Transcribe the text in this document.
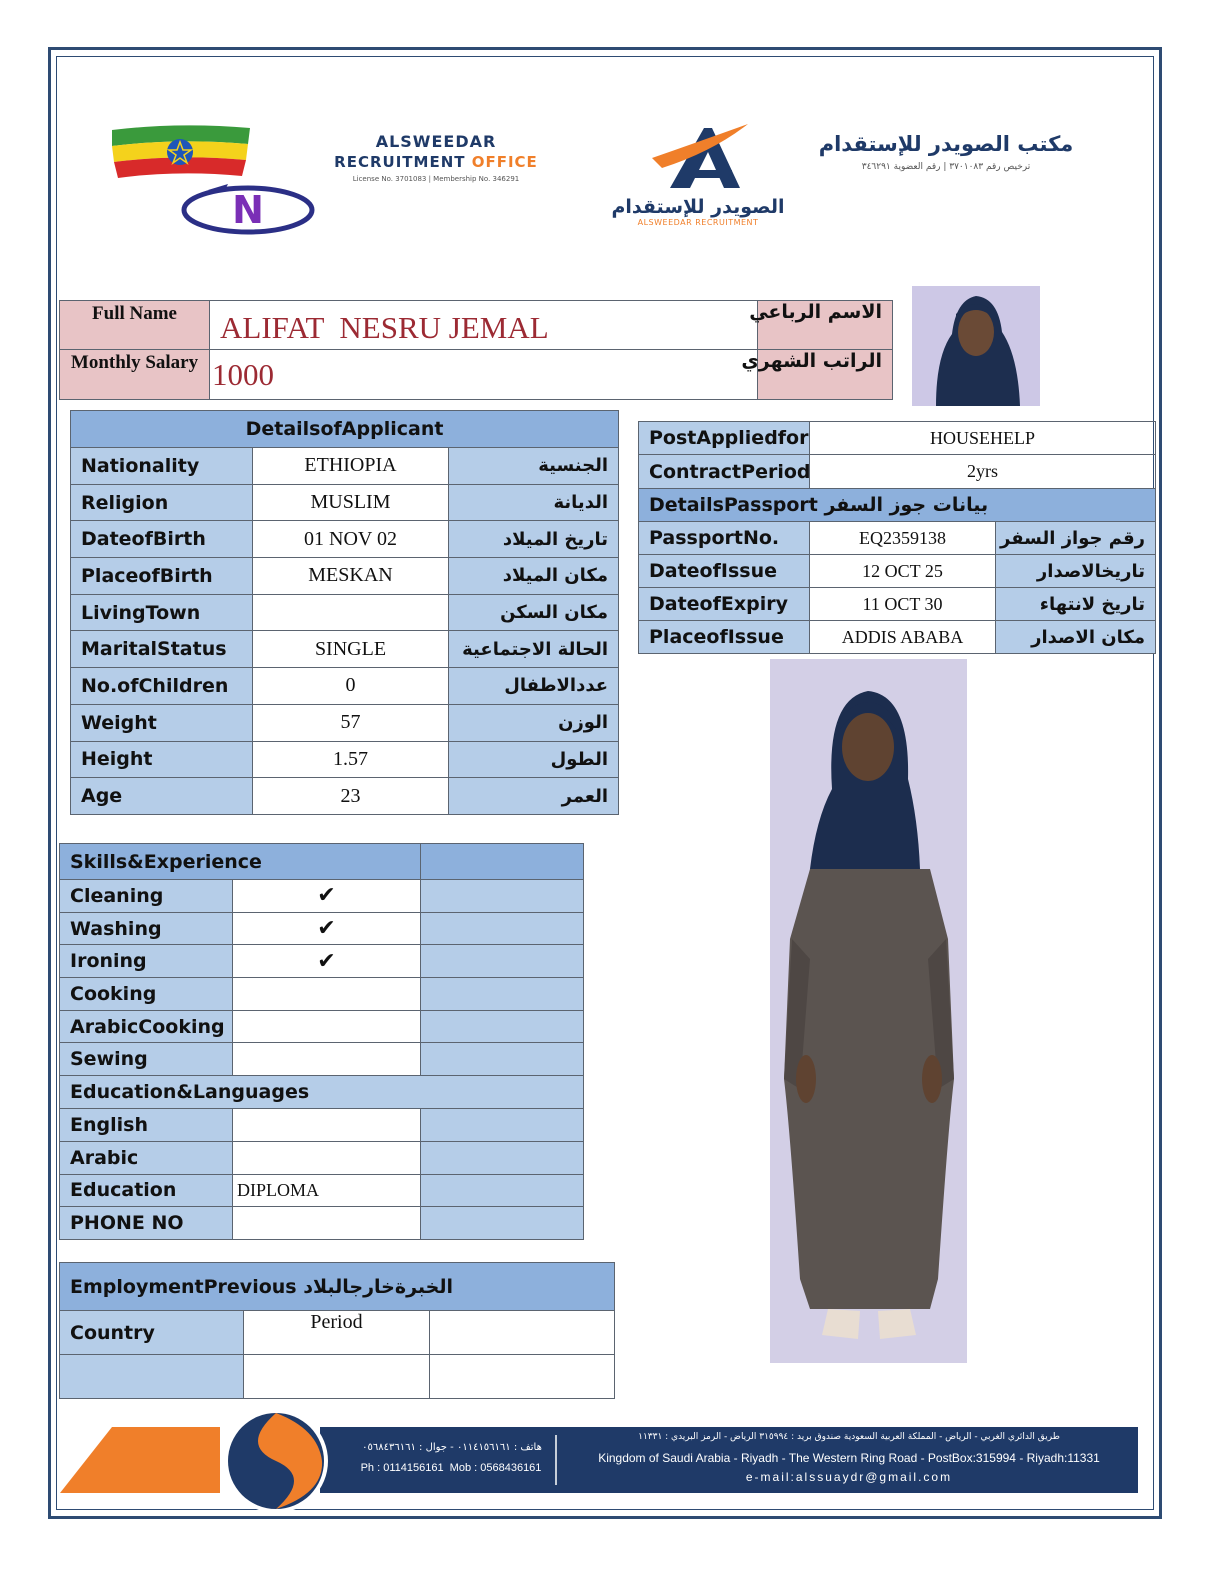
N
ALSWEEDAR
RECRUITMENT OFFICE
License No. 3701083 | Membership No. 346291
الصويدر للإستقدام
ALSWEEDAR RECRUITMENT
مكتب الصويدر للإستقدام
ترخيص رقم ٣٧٠١٠٨٣ | رقم العضوية ٣٤٦٢٩١
Full Name	ALIFAT  NESRU JEMAL	الاسم الرباعي
Monthly Salary	1000	الراتب الشهري
DetailsofApplicant		
Nationality	ETHIOPIA	الجنسية
Religion	MUSLIM	الديانة
DateofBirth	01 NOV 02	تاريخ الميلاد
PlaceofBirth	MESKAN	مكان الميلاد
LivingTown		مكان السكن
MaritalStatus	SINGLE	الحالة الاجتماعية
No.ofChildren	0	عددالاطفال
Weight	57	الوزن
Height	1.57	الطول
Age	23	العمر
PostAppliedfor	HOUSEHELP	
ContractPeriod	2yrs	
DetailsPassport بيانات جوز السفر		
PassportNo.	EQ2359138	رقم جواز السفر
DateofIssue	12 OCT 25	تاريخالاصدار
DateofExpiry	11 OCT 30	تاريخ لانتهاء
PlaceofIssue	ADDIS ABABA	مكان الاصدار
Skills&Experience		
Cleaning	✔	
Washing	✔	
Ironing	✔	
Cooking		
ArabicCooking		
Sewing		
Education&Languages		
English		
Arabic		
Education	DIPLOMA	
PHONE NO		
EmploymentPrevious الخبرةخارجالبلاد		
Country	Period	

هاتف : ٠١١٤١٥٦١٦١ - جوال : ٠٥٦٨٤٣٦١٦١
Ph : 0114156161  Mob : 0568436161
طريق الدائري الغربي - الرياض - المملكة العربية السعودية صندوق بريد : ٣١٥٩٩٤ الرياض - الرمز البريدي : ١١٣٣١
Kingdom of Saudi Arabia - Riyadh - The Western Ring Road - PostBox:315994 - Riyadh:11331
e-mail:alssuaydr@gmail.com
